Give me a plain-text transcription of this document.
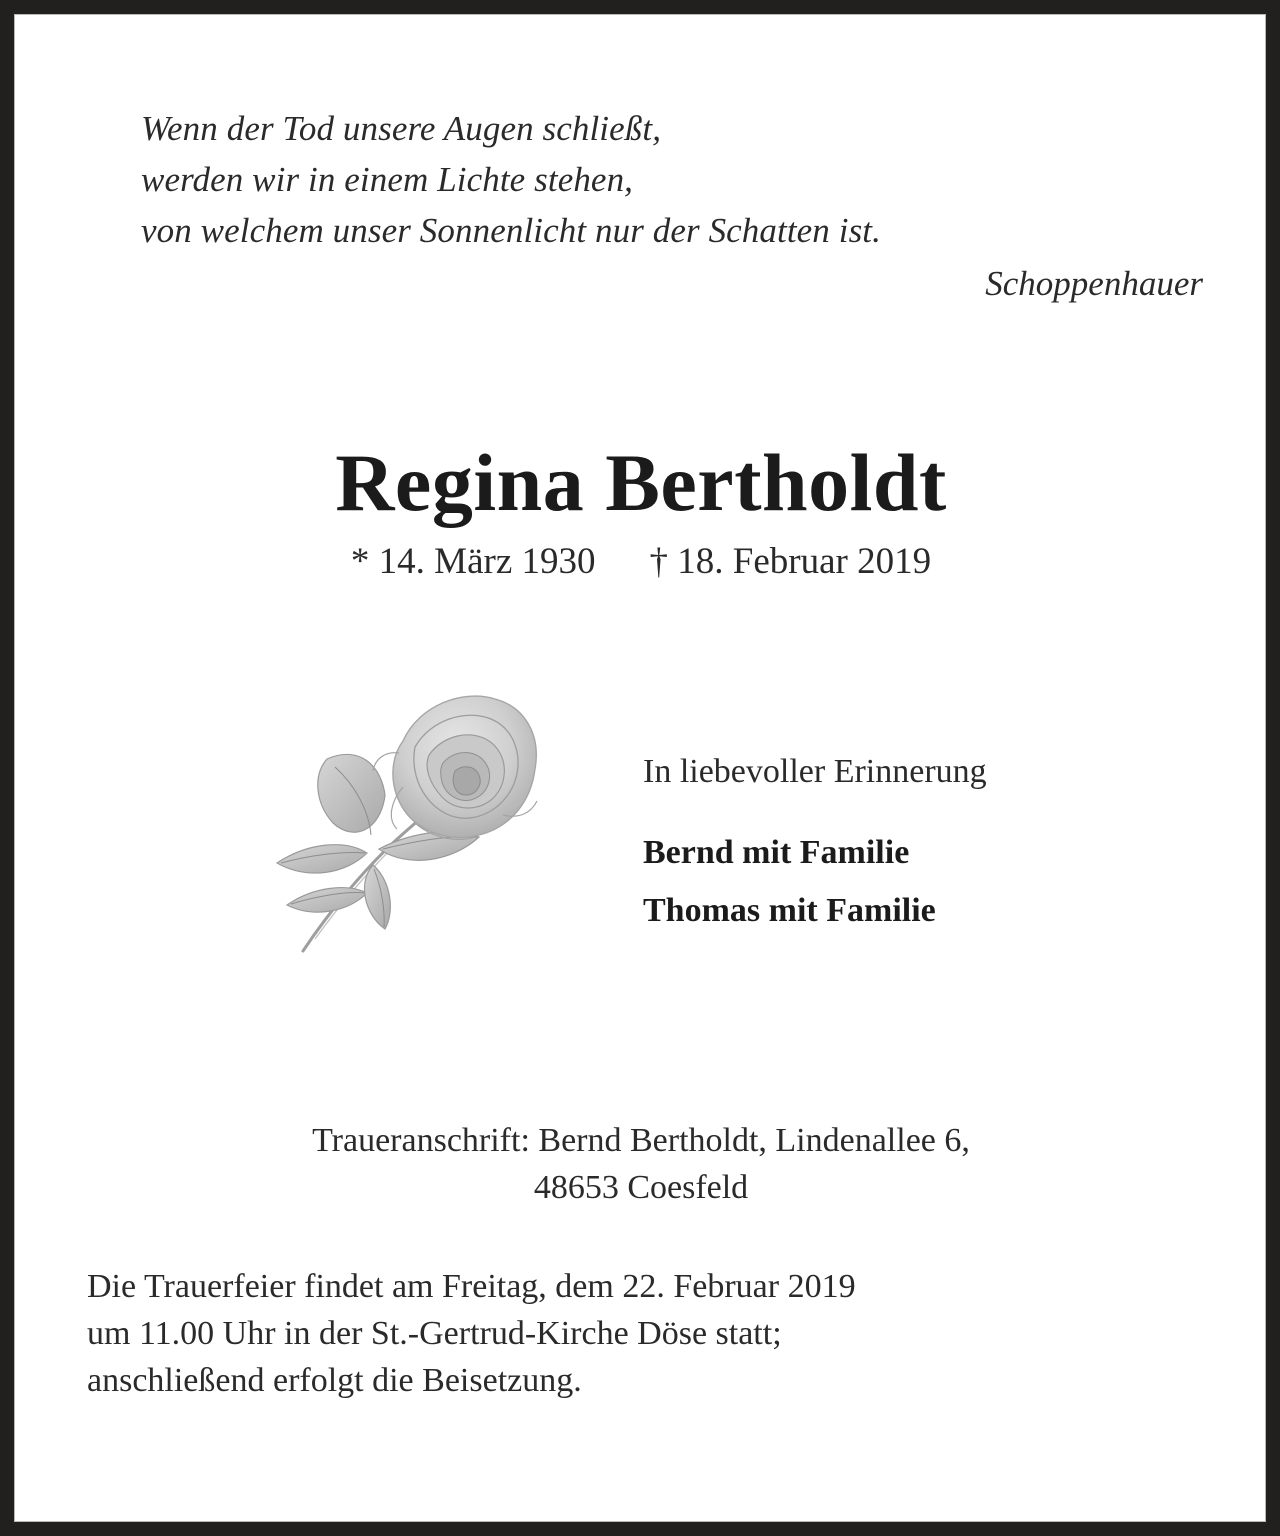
Wenn der Tod unsere Augen schließt,
werden wir in einem Lichte stehen,
von welchem unser Sonnenlicht nur der Schatten ist.
Schoppenhauer
Regina Bertholdt
* 14. März 1930 † 18. Februar 2019
In liebevoller Erinnerung
Bernd mit Familie
Thomas mit Familie
Traueranschrift: Bernd Bertholdt, Lindenallee 6,
48653 Coesfeld
Die Trauerfeier findet am Freitag, dem 22. Februar 2019
um 11.00 Uhr in der St.-Gertrud-Kirche Döse statt;
anschließend erfolgt die Beisetzung.
